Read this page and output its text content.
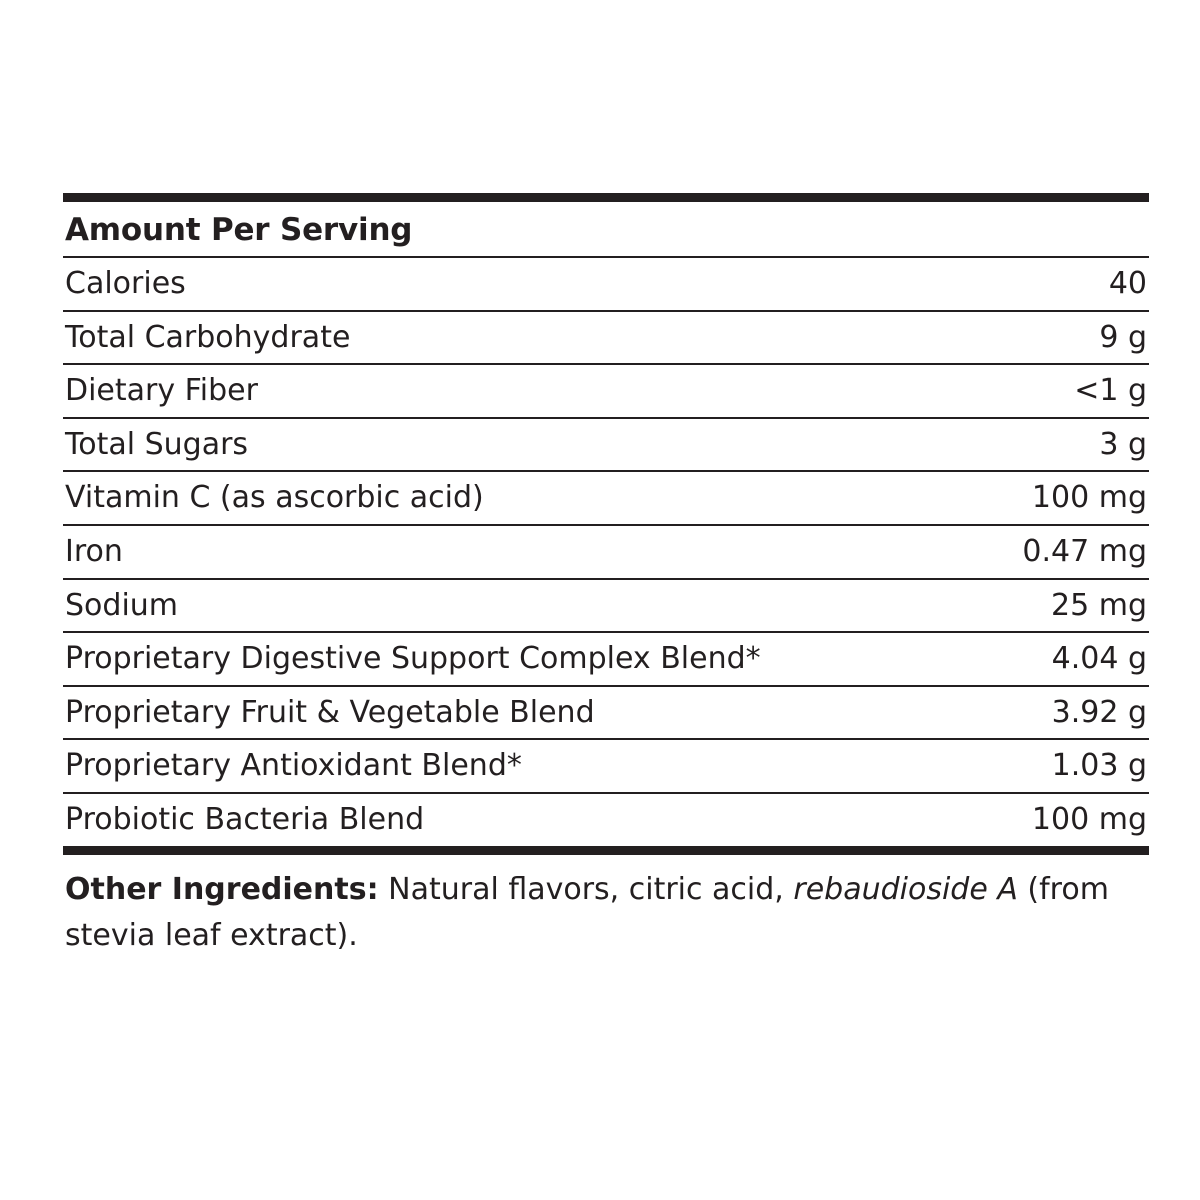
Amount Per Serving
Calories	40
Total Carbohydrate	9 g
Dietary Fiber	<1 g
Total Sugars	3 g
Vitamin C (as ascorbic acid)	100 mg
Iron	0.47 mg
Sodium	25 mg
Proprietary Digestive Support Complex Blend*	4.04 g
Proprietary Fruit & Vegetable Blend	3.92 g
Proprietary Antioxidant Blend*	1.03 g
Probiotic Bacteria Blend	100 mg
Other Ingredients: Natural flavors, citric acid, rebaudioside A (from stevia leaf extract).
